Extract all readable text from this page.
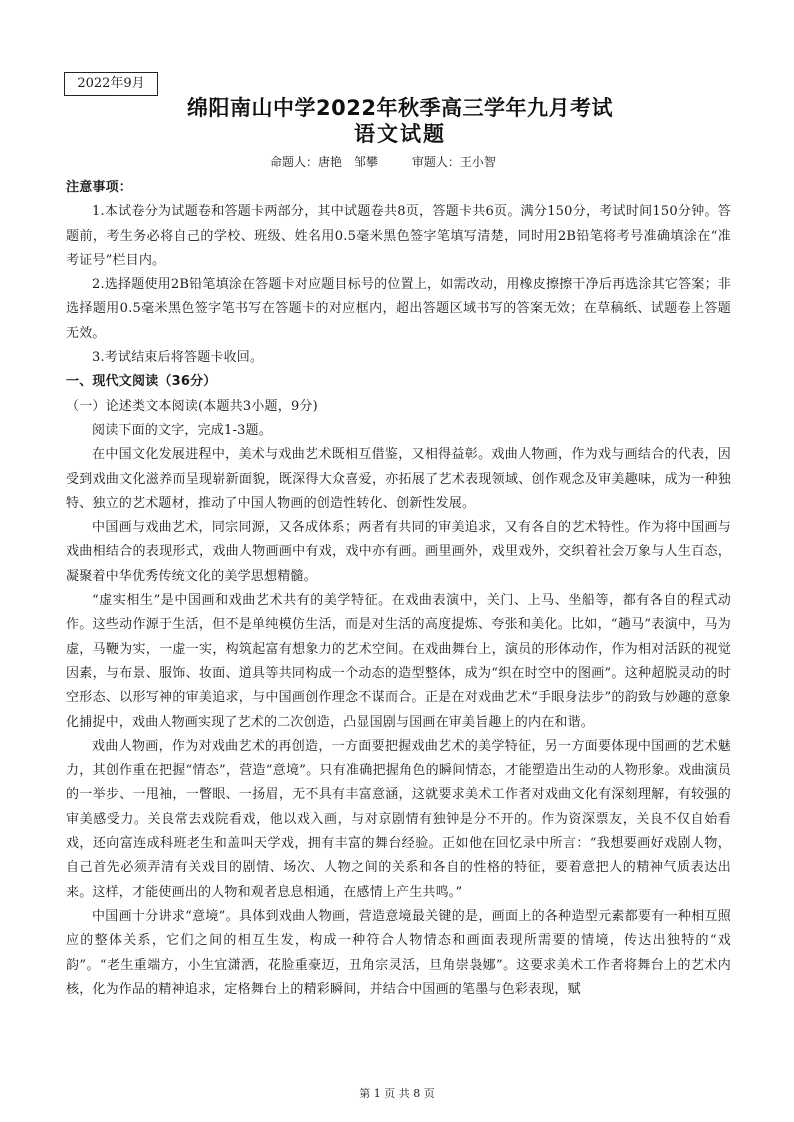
2022年9月
绵阳南山中学2022年秋季高三学年九月考试
语文试题
命题人：唐艳　邹攀	审题人：王小智

注意事项：

1.本试卷分为试题卷和答题卡两部分，其中试题卷共8页，答题卡共6页。满分150分，考试时间150分钟。答题前，考生务必将自己的学校、班级、姓名用0.5毫米黑色签字笔填写清楚，同时用2B铅笔将考号准确填涂在“准考证号”栏目内。

2.选择题使用2B铅笔填涂在答题卡对应题目标号的位置上，如需改动，用橡皮擦擦干净后再选涂其它答案；非选择题用0.5毫米黑色签字笔书写在答题卡的对应框内，超出答题区域书写的答案无效；在草稿纸、试题卷上答题无效。

3.考试结束后将答题卡收回。

一、现代文阅读（36分）

（一）论述类文本阅读(本题共3小题，9分)

阅读下面的文字，完成1-3题。

在中国文化发展进程中，美术与戏曲艺术既相互借鉴，又相得益彰。戏曲人物画，作为戏与画结合的代表，因受到戏曲文化滋养而呈现崭新面貌，既深得大众喜爱，亦拓展了艺术表现领域、创作观念及审美趣味，成为一种独特、独立的艺术题材，推动了中国人物画的创造性转化、创新性发展。

中国画与戏曲艺术，同宗同源，又各成体系；两者有共同的审美追求，又有各自的艺术特性。作为将中国画与戏曲相结合的表现形式，戏曲人物画画中有戏，戏中亦有画。画里画外，戏里戏外，交织着社会万象与人生百态，凝聚着中华优秀传统文化的美学思想精髓。

“虚实相生”是中国画和戏曲艺术共有的美学特征。在戏曲表演中，关门、上马、坐船等，都有各自的程式动作。这些动作源于生活，但不是单纯模仿生活，而是对生活的高度提炼、夸张和美化。比如，“趟马”表演中，马为虚，马鞭为实，一虚一实，构筑起富有想象力的艺术空间。在戏曲舞台上，演员的形体动作，作为相对活跃的视觉因素，与布景、服饰、妆面、道具等共同构成一个动态的造型整体，成为“织在时空中的图画”。这种超脱灵动的时空形态、以形写神的审美追求，与中国画创作理念不谋而合。正是在对戏曲艺术“手眼身法步”的韵致与妙趣的意象化捕捉中，戏曲人物画实现了艺术的二次创造，凸显国剧与国画在审美旨趣上的内在和谐。

戏曲人物画，作为对戏曲艺术的再创造，一方面要把握戏曲艺术的美学特征，另一方面要体现中国画的艺术魅力，其创作重在把握“情态”，营造“意境”。只有准确把握角色的瞬间情态，才能塑造出生动的人物形象。戏曲演员的一举步、一甩袖，一瞥眼、一扬眉，无不具有丰富意涵，这就要求美术工作者对戏曲文化有深刻理解，有较强的审美感受力。关良常去戏院看戏，他以戏入画，与对京剧情有独钟是分不开的。作为资深票友，关良不仅自始看戏，还向富连成科班老生和盖叫天学戏，拥有丰富的舞台经验。正如他在回忆录中所言：“我想要画好戏剧人物，自己首先必须弄清有关戏目的剧情、场次、人物之间的关系和各自的性格的特征，要着意把人的精神气质表达出来。这样，才能使画出的人物和观者息息相通，在感情上产生共鸣。”

中国画十分讲求“意境”。具体到戏曲人物画，营造意境最关键的是，画面上的各种造型元素都要有一种相互照应的整体关系，它们之间的相互生发，构成一种符合人物情态和画面表现所需要的情境，传达出独特的“戏韵”。“老生重端方，小生宜潇洒，花脸重豪迈，丑角宗灵活，旦角崇袅娜”。这要求美术工作者将舞台上的艺术内核，化为作品的精神追求，定格舞台上的精彩瞬间，并结合中国画的笔墨与色彩表现，赋

第 1 页 共 8 页
